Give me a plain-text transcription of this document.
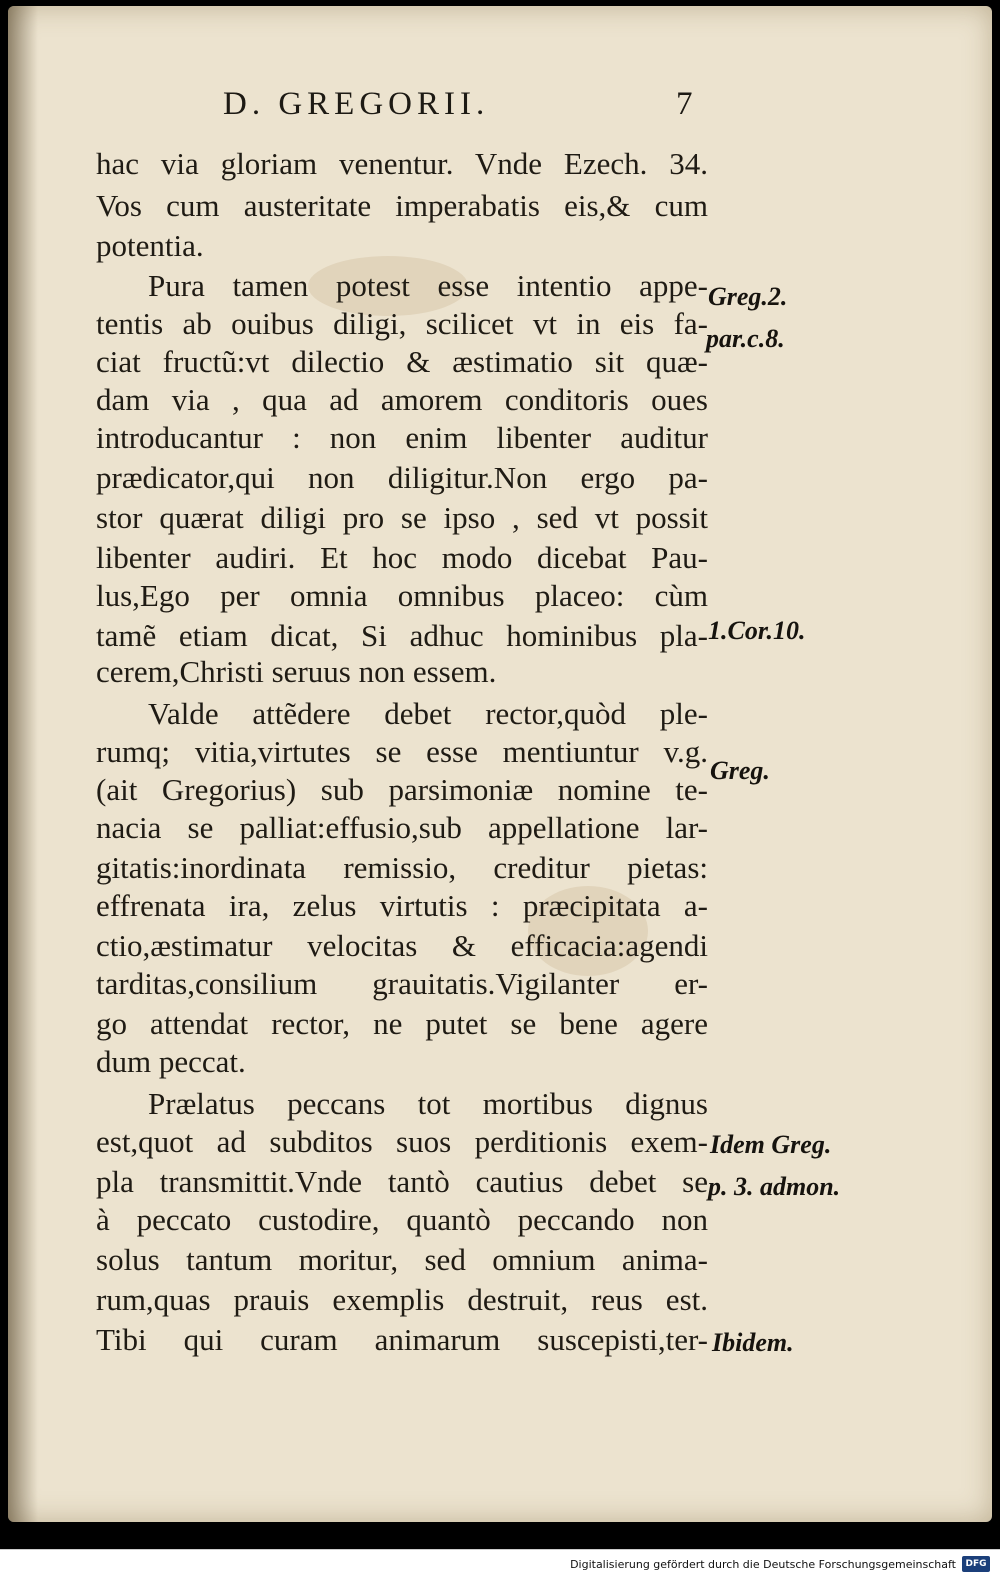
D. GREGORII.	7
hac via gloriam venentur. Vnde Ezech. 34.
Vos cum austeritate imperabatis eis,& cum
potentia.
Pura tamen potest esse intentio appe-
tentis ab ouibus diligi, scilicet vt in eis fa-
ciat fructũ:vt dilectio & æstimatio sit quæ-
dam via , qua ad amorem conditoris oues
introducantur : non enim libenter auditur
prædicator,qui non diligitur.Non ergo pa-
stor quærat diligi pro se ipso , sed vt possit
libenter audiri. Et hoc modo dicebat Pau-
lus,Ego per omnia omnibus placeo: cùm
tamẽ etiam dicat, Si adhuc hominibus pla-
cerem,Christi seruus non essem.
Valde attẽdere debet rector,quòd ple-
rumq; vitia,virtutes se esse mentiuntur v.g.
(ait Gregorius) sub parsimoniæ nomine te-
nacia se palliat:effusio,sub appellatione lar-
gitatis:inordinata remissio, creditur pietas:
effrenata ira, zelus virtutis : præcipitata a-
ctio,æstimatur velocitas & efficacia:agendi
tarditas,consilium grauitatis.Vigilanter er-
go attendat rector, ne putet se bene agere
dum peccat.
Prælatus peccans tot mortibus dignus
est,quot ad subditos suos perditionis exem-
pla transmittit.Vnde tantò cautius debet se
à peccato custodire, quantò peccando non
solus tantum moritur, sed omnium anima-
rum,quas prauis exemplis destruit, reus est.
Tibi qui curam animarum suscepisti,ter-
Greg.2.
par.c.8.
1.Cor.10.
Greg.
Idem Greg.
p. 3. admon.
Ibidem.
Digitalisierung gefördert durch die Deutsche Forschungsgemeinschaft	DFG
